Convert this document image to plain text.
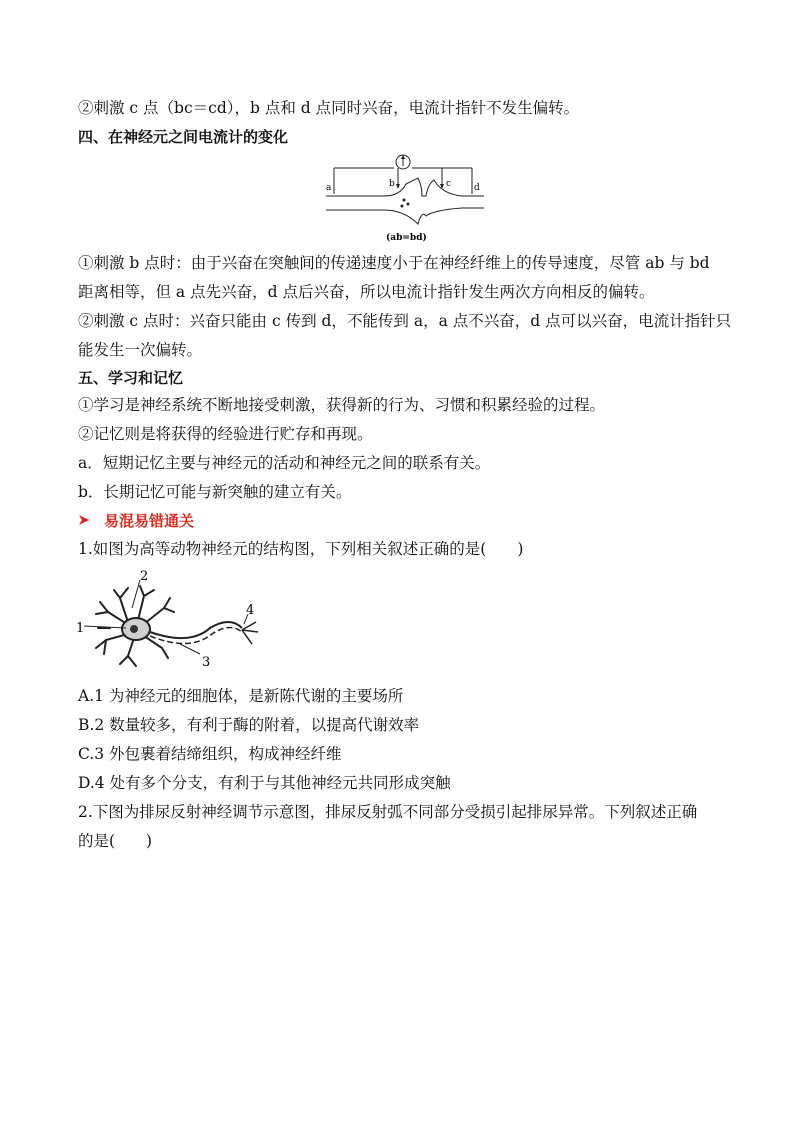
②刺激 c 点（bc＝cd），b 点和 d 点同时兴奋，电流计指针不发生偏转。
四、在神经元之间电流计的变化
a	b	c	d
(ab=bd)
①刺激 b 点时：由于兴奋在突触间的传递速度小于在神经纤维上的传导速度，尽管 ab 与 bd
距离相等，但 a 点先兴奋，d 点后兴奋，所以电流计指针发生两次方向相反的偏转。
②刺激 c 点时：兴奋只能由 c 传到 d，不能传到 a，a 点不兴奋，d 点可以兴奋，电流计指针只
能发生一次偏转。
五、学习和记忆
①学习是神经系统不断地接受刺激，获得新的行为、习惯和积累经验的过程。
②记忆则是将获得的经验进行贮存和再现。
a．短期记忆主要与神经元的活动和神经元之间的联系有关。
b．长期记忆可能与新突触的建立有关。
易混易错通关
1.如图为高等动物神经元的结构图，下列相关叙述正确的是(　　)
1
2
3
4
A.1 为神经元的细胞体，是新陈代谢的主要场所
B.2 数量较多，有利于酶的附着，以提高代谢效率
C.3 外包裹着结缔组织，构成神经纤维
D.4 处有多个分支，有利于与其他神经元共同形成突触
2.下图为排尿反射神经调节示意图，排尿反射弧不同部分受损引起排尿异常。下列叙述正确
的是(　　)
